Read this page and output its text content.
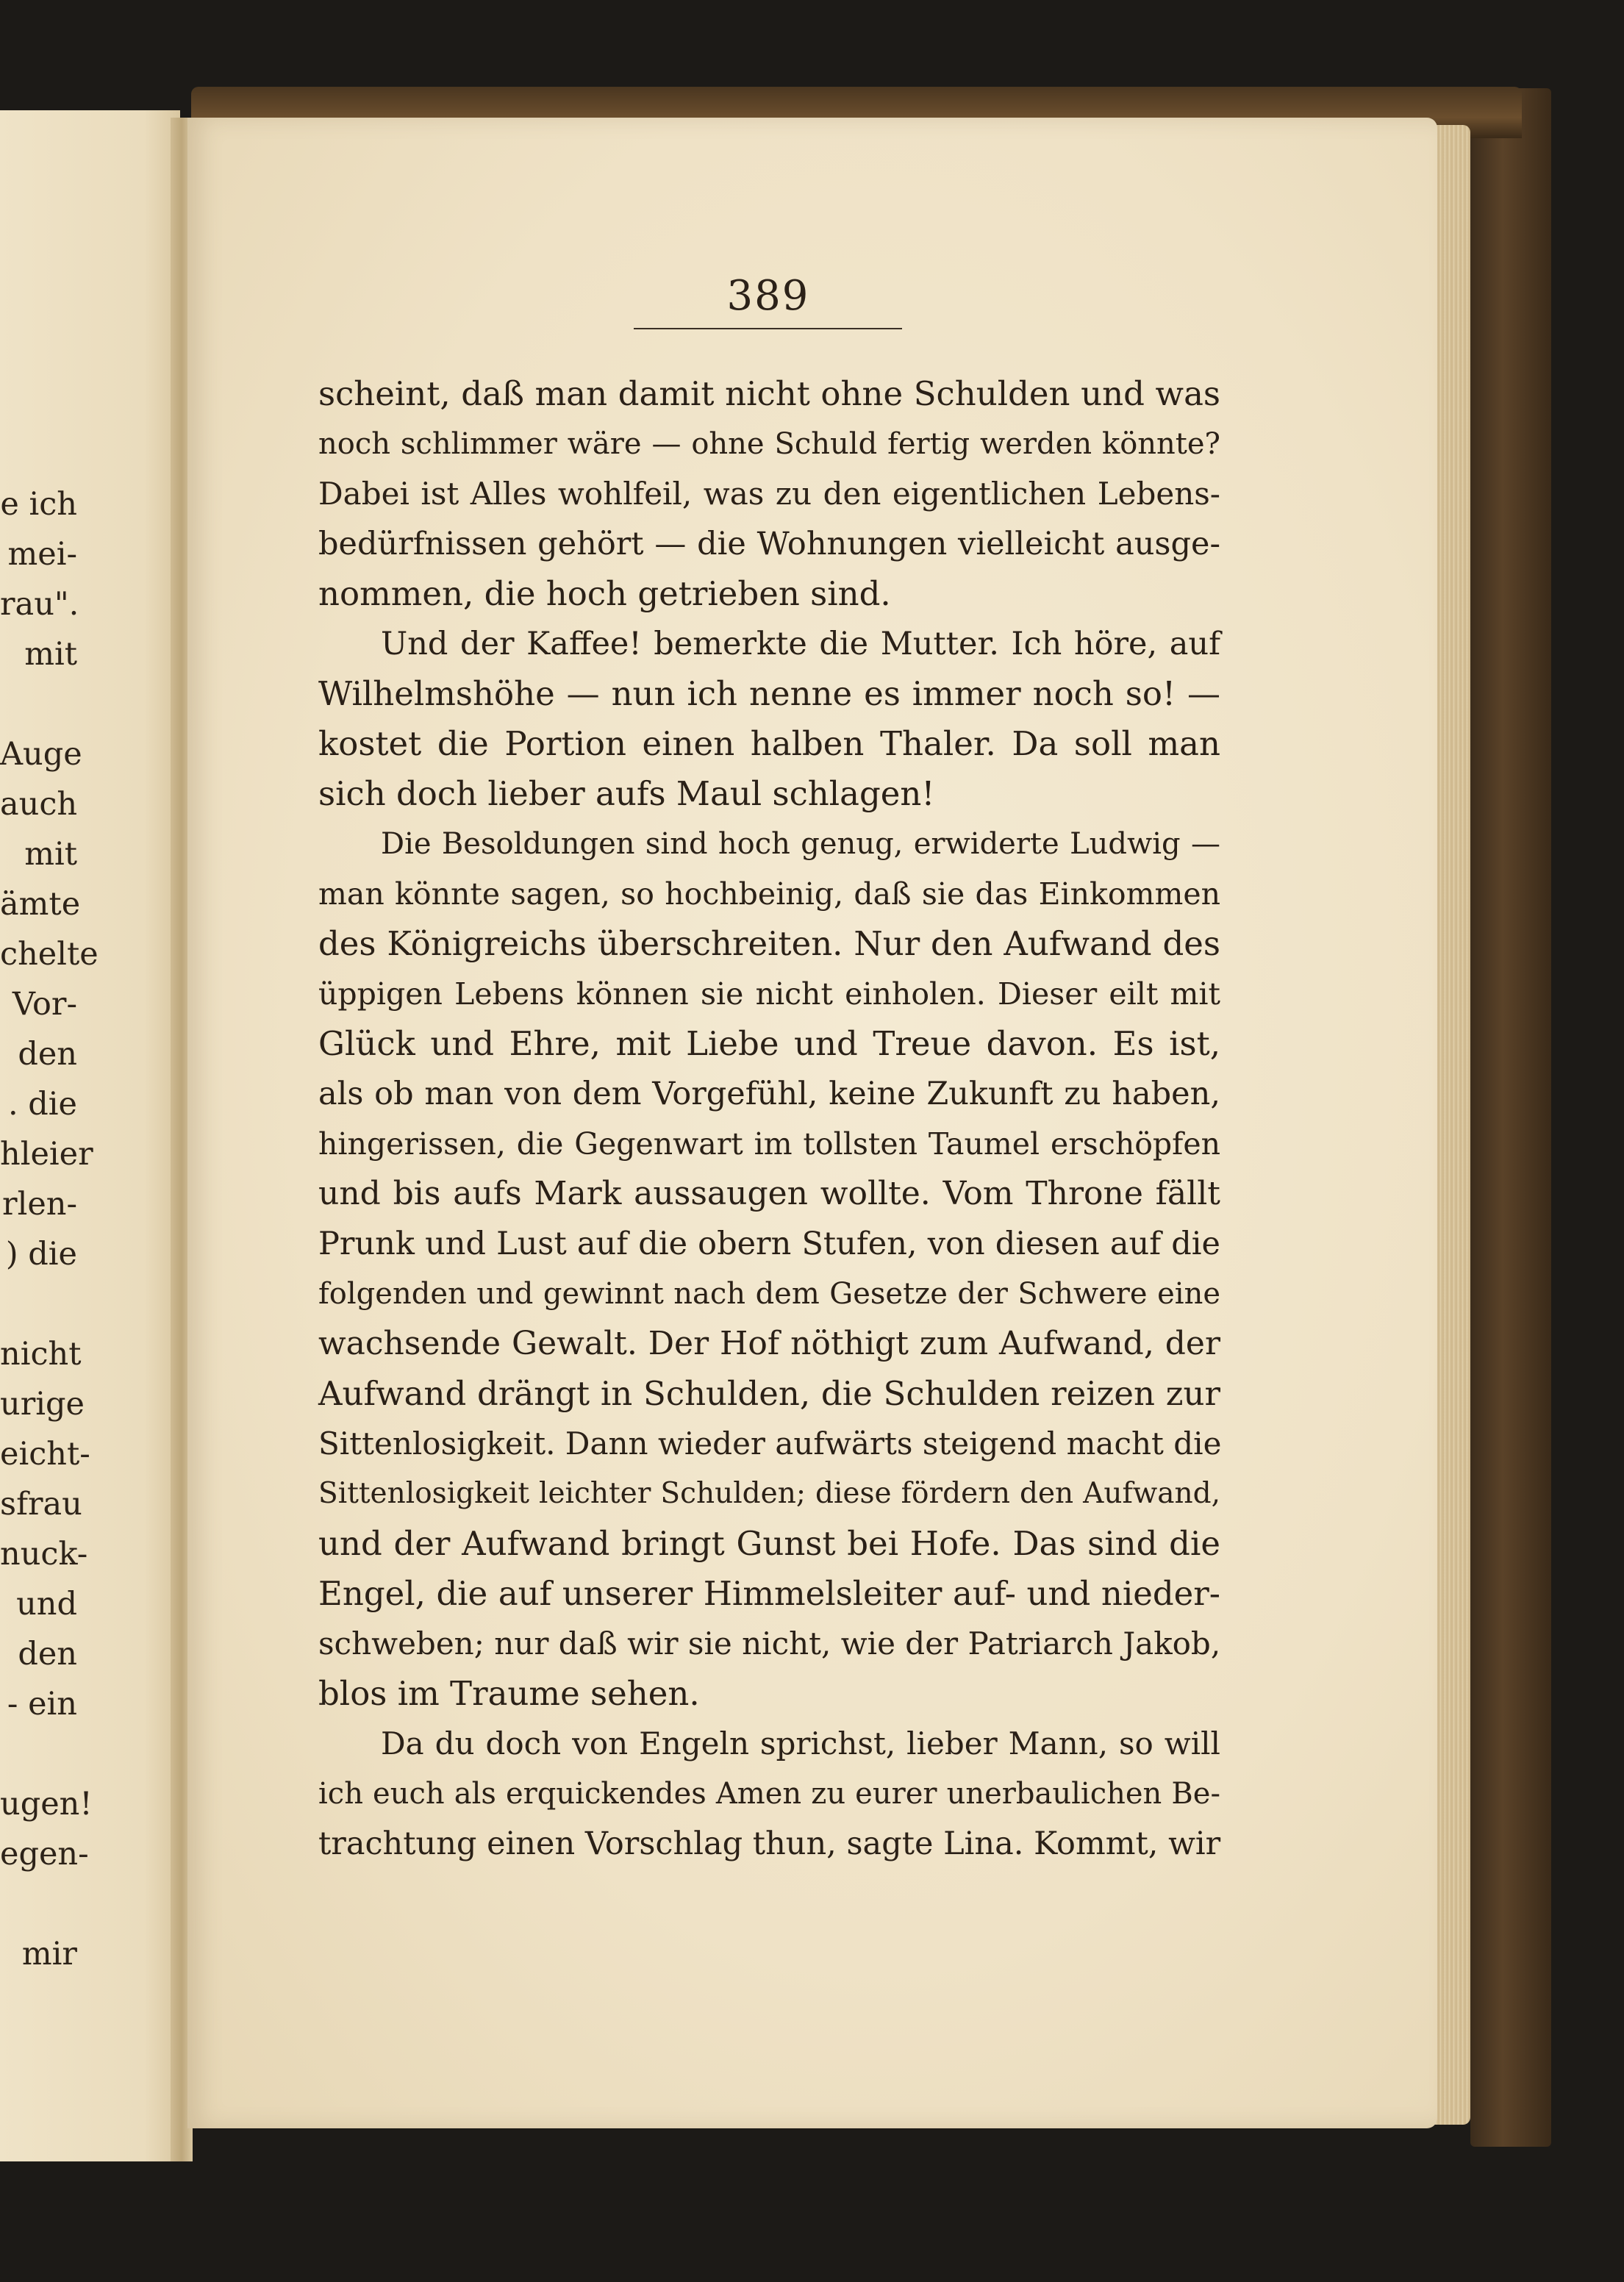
e ich
mei-
rau".
mit
Auge
auch
mit
ämte
chelte
Vor-
den
. die
hleier
rlen-
) die
nicht
urige
eicht-
sfrau
nuck-
und
den
- ein
ugen!
egen-
mir
389
scheint, daß man damit nicht ohne Schulden und was
noch schlimmer wäre — ohne Schuld fertig werden könnte?
Dabei ist Alles wohlfeil, was zu den eigentlichen Lebens-
bedürfnissen gehört — die Wohnungen vielleicht ausge-
nommen, die hoch getrieben sind.
Und der Kaffee! bemerkte die Mutter. Ich höre, auf
Wilhelmshöhe — nun ich nenne es immer noch so! —
kostet die Portion einen halben Thaler. Da soll man
sich doch lieber aufs Maul schlagen!
Die Besoldungen sind hoch genug, erwiderte Ludwig —
man könnte sagen, so hochbeinig, daß sie das Einkommen
des Königreichs überschreiten. Nur den Aufwand des
üppigen Lebens können sie nicht einholen. Dieser eilt mit
Glück und Ehre, mit Liebe und Treue davon. Es ist,
als ob man von dem Vorgefühl, keine Zukunft zu haben,
hingerissen, die Gegenwart im tollsten Taumel erschöpfen
und bis aufs Mark aussaugen wollte. Vom Throne fällt
Prunk und Lust auf die obern Stufen, von diesen auf die
folgenden und gewinnt nach dem Gesetze der Schwere eine
wachsende Gewalt. Der Hof nöthigt zum Aufwand, der
Aufwand drängt in Schulden, die Schulden reizen zur
Sittenlosigkeit. Dann wieder aufwärts steigend macht die
Sittenlosigkeit leichter Schulden; diese fördern den Aufwand,
und der Aufwand bringt Gunst bei Hofe. Das sind die
Engel, die auf unserer Himmelsleiter auf- und nieder-
schweben; nur daß wir sie nicht, wie der Patriarch Jakob,
blos im Traume sehen.
Da du doch von Engeln sprichst, lieber Mann, so will
ich euch als erquickendes Amen zu eurer unerbaulichen Be-
trachtung einen Vorschlag thun, sagte Lina. Kommt, wir
